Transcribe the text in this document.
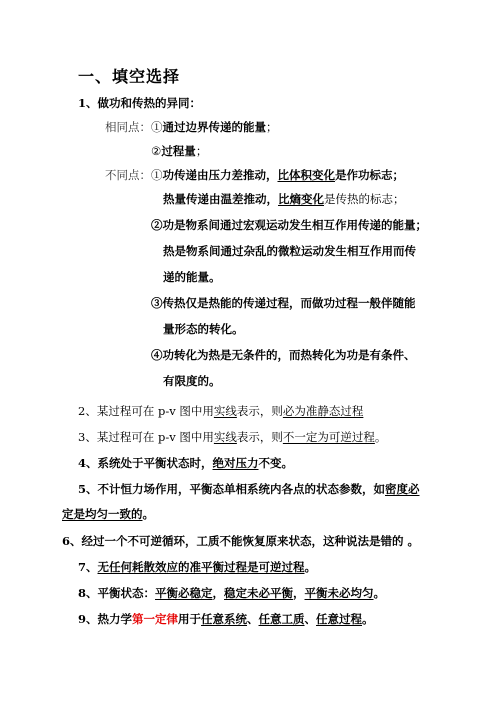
一、填空选择
1、做功和传热的异同：
相同点：①通过边界传递的能量；
②过程量；
不同点：①功传递由压力差推动，比体积变化是作功标志；
热量传递由温差推动，比熵变化是传热的标志；
②功是物系间通过宏观运动发生相互作用传递的能量；
热是物系间通过杂乱的微粒运动发生相互作用而传
递的能量。
③传热仅是热能的传递过程，而做功过程一般伴随能
量形态的转化。
④功转化为热是无条件的，而热转化为功是有条件、
有限度的。
2、某过程可在 p-v 图中用实线表示，则必为准静态过程
3、某过程可在 p-v 图中用实线表示，则不一定为可逆过程。
4、系统处于平衡状态时，绝对压力不变。
5、不计恒力场作用，平衡态单相系统内各点的状态参数，如密度必
定是均匀一致的。
6、经过一个不可逆循环，工质不能恢复原来状态，这种说法是错的 。
7、无任何耗散效应的准平衡过程是可逆过程。
8、平衡状态：平衡必稳定，稳定未必平衡，平衡未必均匀。
9、热力学第一定律用于任意系统、任意工质、任意过程。
